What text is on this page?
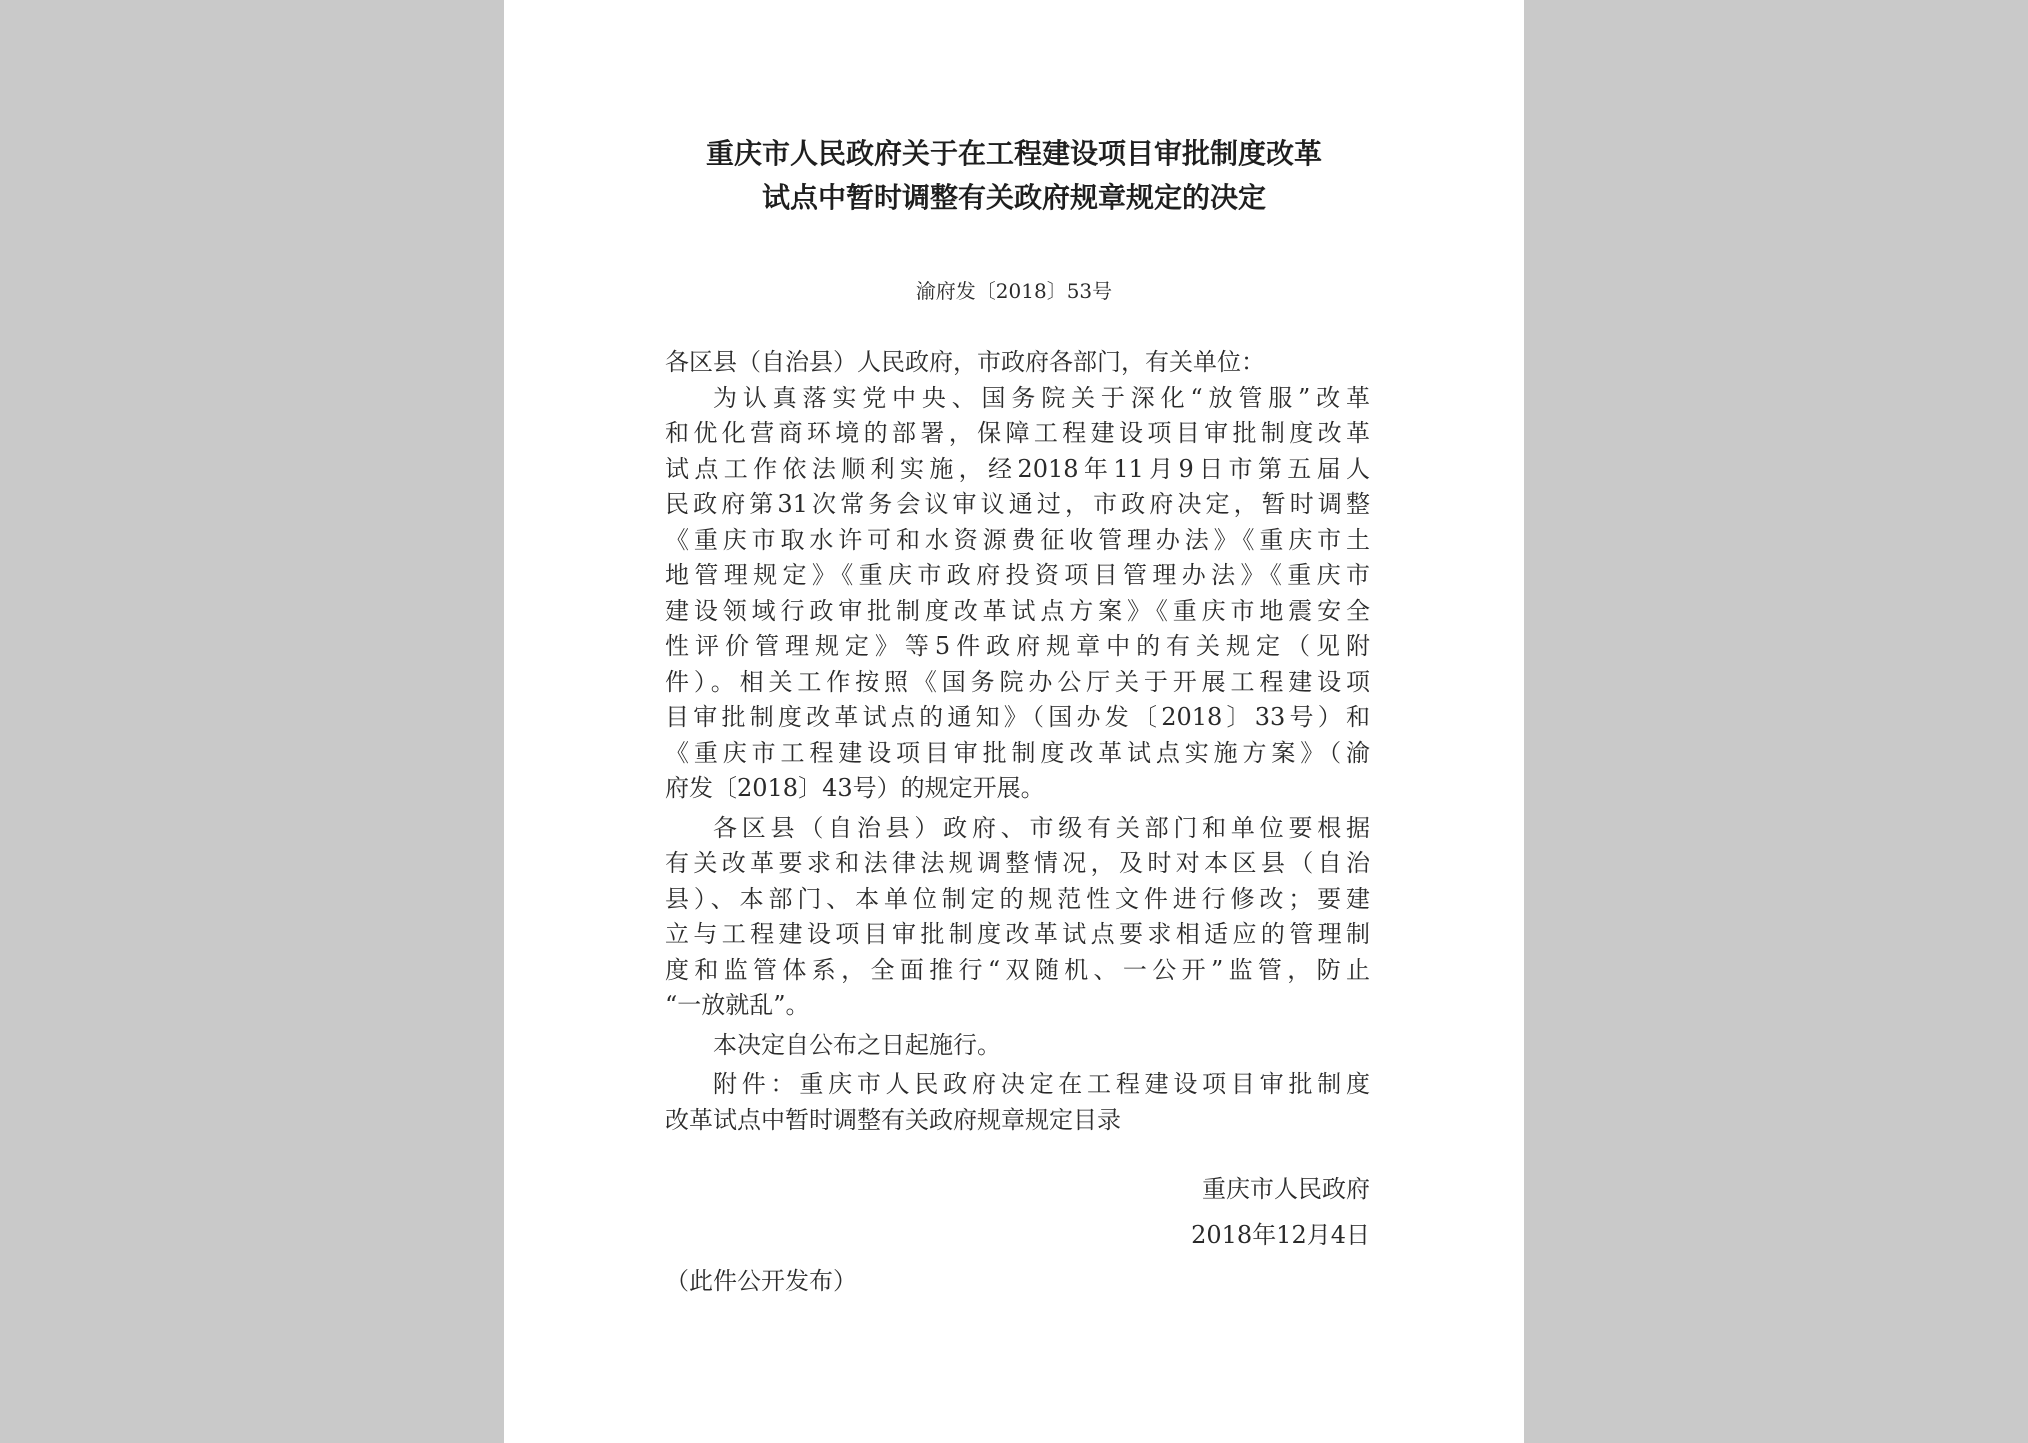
重庆市人民政府关于在工程建设项目审批制度改革
试点中暂时调整有关政府规章规定的决定
渝府发〔2018〕53号
各区县（自治县）人民政府，市政府各部门，有关单位：
为认真落实党中央、国务院关于深化“放管服”改革
和优化营商环境的部署，保障工程建设项目审批制度改革
试点工作依法顺利实施，经2018年11月9日市第五届人
民政府第31次常务会议审议通过，市政府决定，暂时调整
《重庆市取水许可和水资源费征收管理办法》《重庆市土
地管理规定》《重庆市政府投资项目管理办法》《重庆市
建设领域行政审批制度改革试点方案》《重庆市地震安全
性评价管理规定》等5件政府规章中的有关规定（见附
件）。相关工作按照《国务院办公厅关于开展工程建设项
目审批制度改革试点的通知》（国办发〔2018〕33号）和
《重庆市工程建设项目审批制度改革试点实施方案》（渝
府发〔2018〕43号）的规定开展。
各区县（自治县）政府、市级有关部门和单位要根据
有关改革要求和法律法规调整情况，及时对本区县（自治
县）、本部门、本单位制定的规范性文件进行修改；要建
立与工程建设项目审批制度改革试点要求相适应的管理制
度和监管体系，全面推行“双随机、一公开”监管，防止
“一放就乱”。
本决定自公布之日起施行。
附件：重庆市人民政府决定在工程建设项目审批制度
改革试点中暂时调整有关政府规章规定目录
重庆市人民政府
2018年12月4日
（此件公开发布）
